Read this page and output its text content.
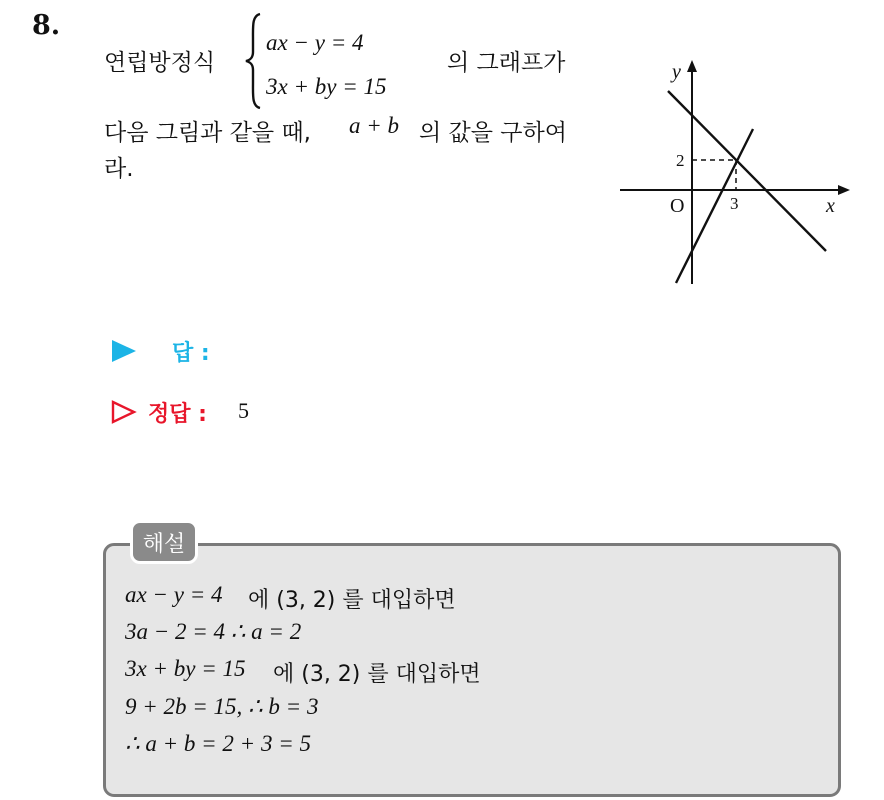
8.
연립방정식
ax − y = 4
3x + by = 15
의 그래프가
다음 그림과 같을 때, a + b 의 값을 구하여
라.
y
x
O	3
2
답 :
정답 : 5
해설
ax − y = 4 에 (3, 2) 를 대입하면
3a − 2 = 4 ∴ a = 2
3x + by = 15 에 (3, 2) 를 대입하면
9 + 2b = 15, ∴ b = 3
∴ a + b = 2 + 3 = 5
